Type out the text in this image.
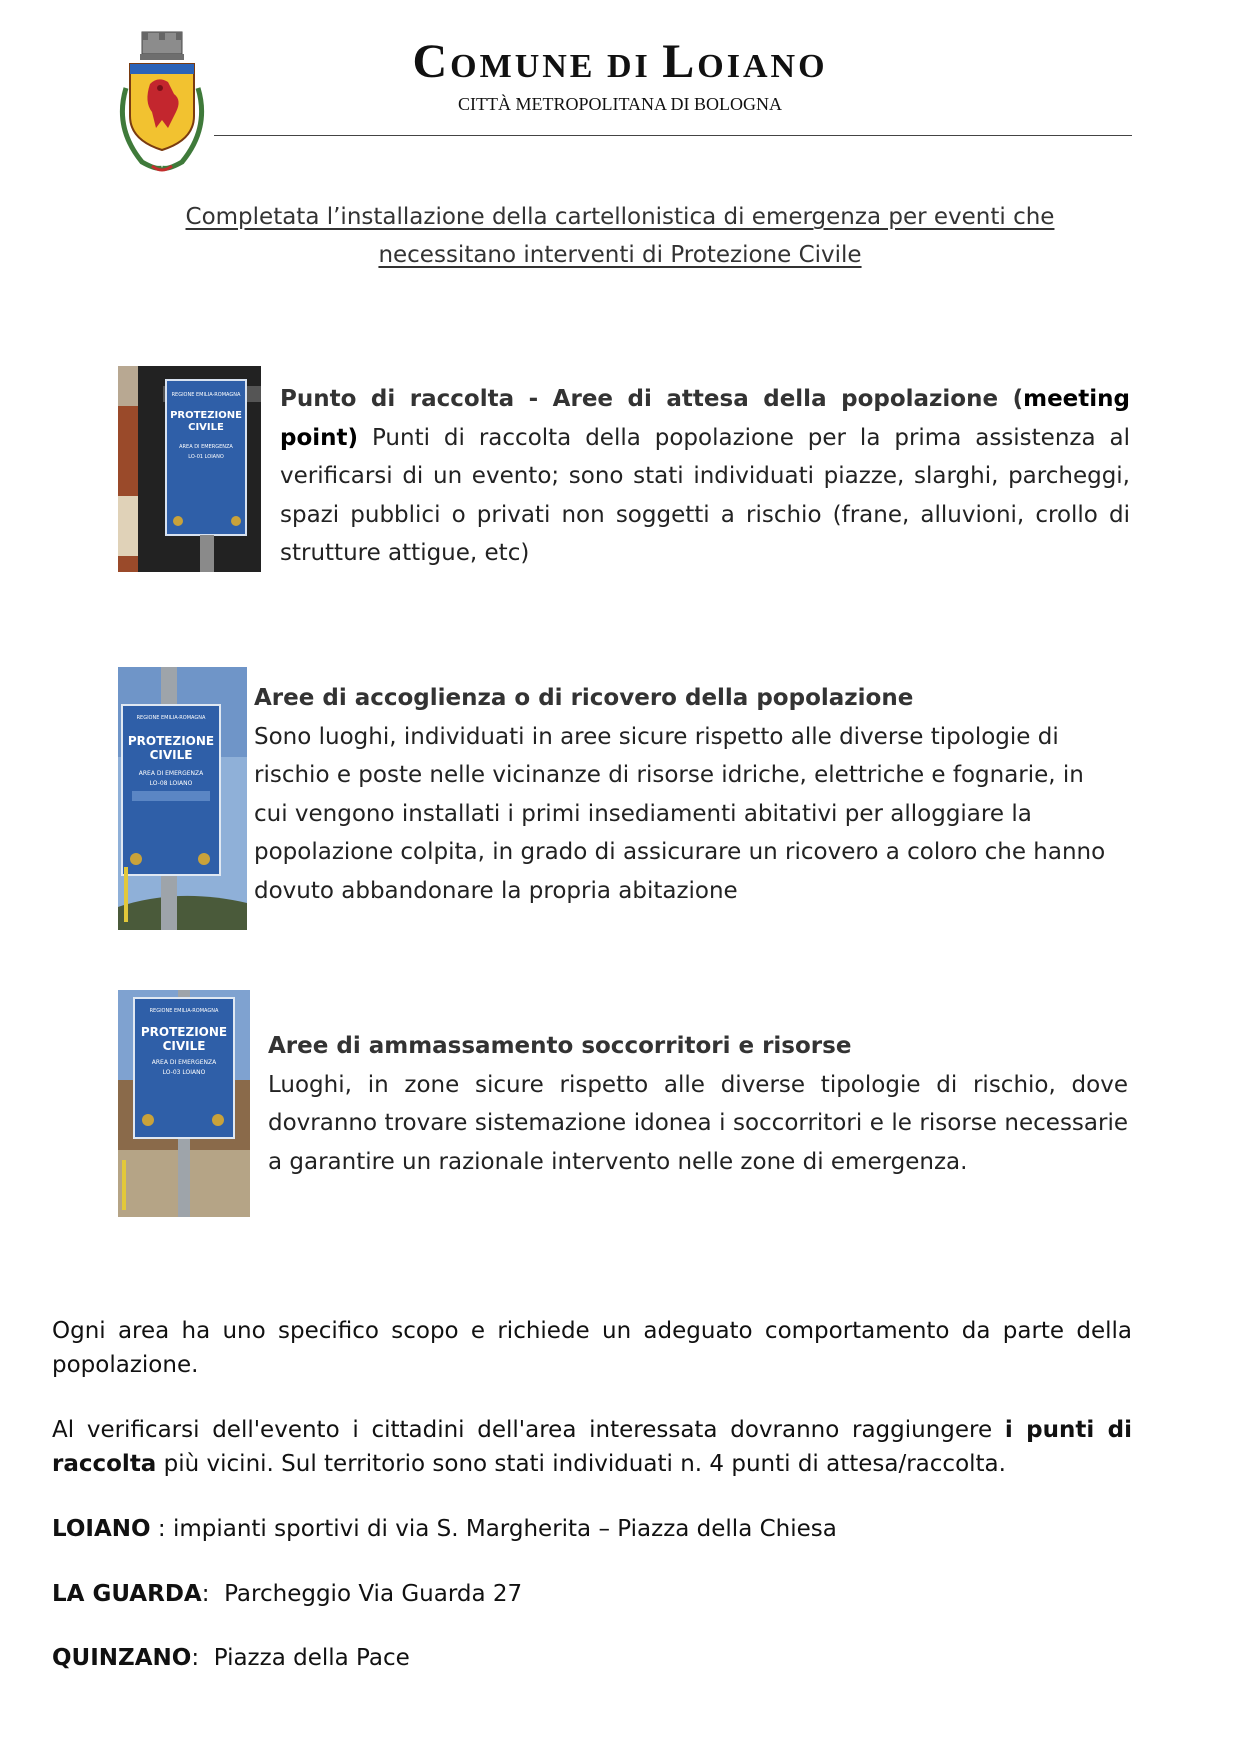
COMUNE DI LOIANO
CITTÀ METROPOLITANA DI BOLOGNA
Completata l’installazione della cartellonistica di emergenza per eventi che
necessitano interventi di Protezione Civile
REGIONE EMILIA-ROMAGNA
PROTEZIONE
CIVILE
AREA DI EMERGENZA
LO-01 LOIANO
Punto di raccolta - Aree di attesa della popolazione (meeting point) Punti di raccolta della popolazione per la prima assistenza al verificarsi di un evento; sono stati individuati piazze, slarghi, parcheggi, spazi pubblici o privati non soggetti a rischio (frane, alluvioni, crollo di strutture attigue, etc)
REGIONE EMILIA-ROMAGNA
PROTEZIONE
CIVILE
AREA DI EMERGENZA
LO-08 LOIANO
Aree di accoglienza o di ricovero della popolazione
Sono luoghi, individuati in aree sicure rispetto alle diverse tipologie di
rischio e poste nelle vicinanze di risorse idriche, elettriche e fognarie, in
cui vengono installati i primi insediamenti abitativi per alloggiare la
popolazione colpita, in grado di assicurare un ricovero a coloro che hanno
dovuto abbandonare la propria abitazione
REGIONE EMILIA-ROMAGNA
PROTEZIONE
CIVILE
AREA DI EMERGENZA
LO-03 LOIANO
Aree di ammassamento soccorritori e risorse
Luoghi, in zone sicure rispetto alle diverse tipologie di rischio, dove dovranno trovare sistemazione idonea i soccorritori e le risorse necessarie a garantire un razionale intervento nelle zone di emergenza.
Ogni area ha uno specifico scopo e richiede un adeguato comportamento da parte della popolazione.
Al verificarsi dell'evento i cittadini dell'area interessata dovranno raggiungere i punti di raccolta più vicini. Sul territorio sono stati individuati n. 4 punti di attesa/raccolta.
LOIANO : impianti sportivi di via S. Margherita – Piazza della Chiesa
LA GUARDA:  Parcheggio Via Guarda 27
QUINZANO:  Piazza della Pace
